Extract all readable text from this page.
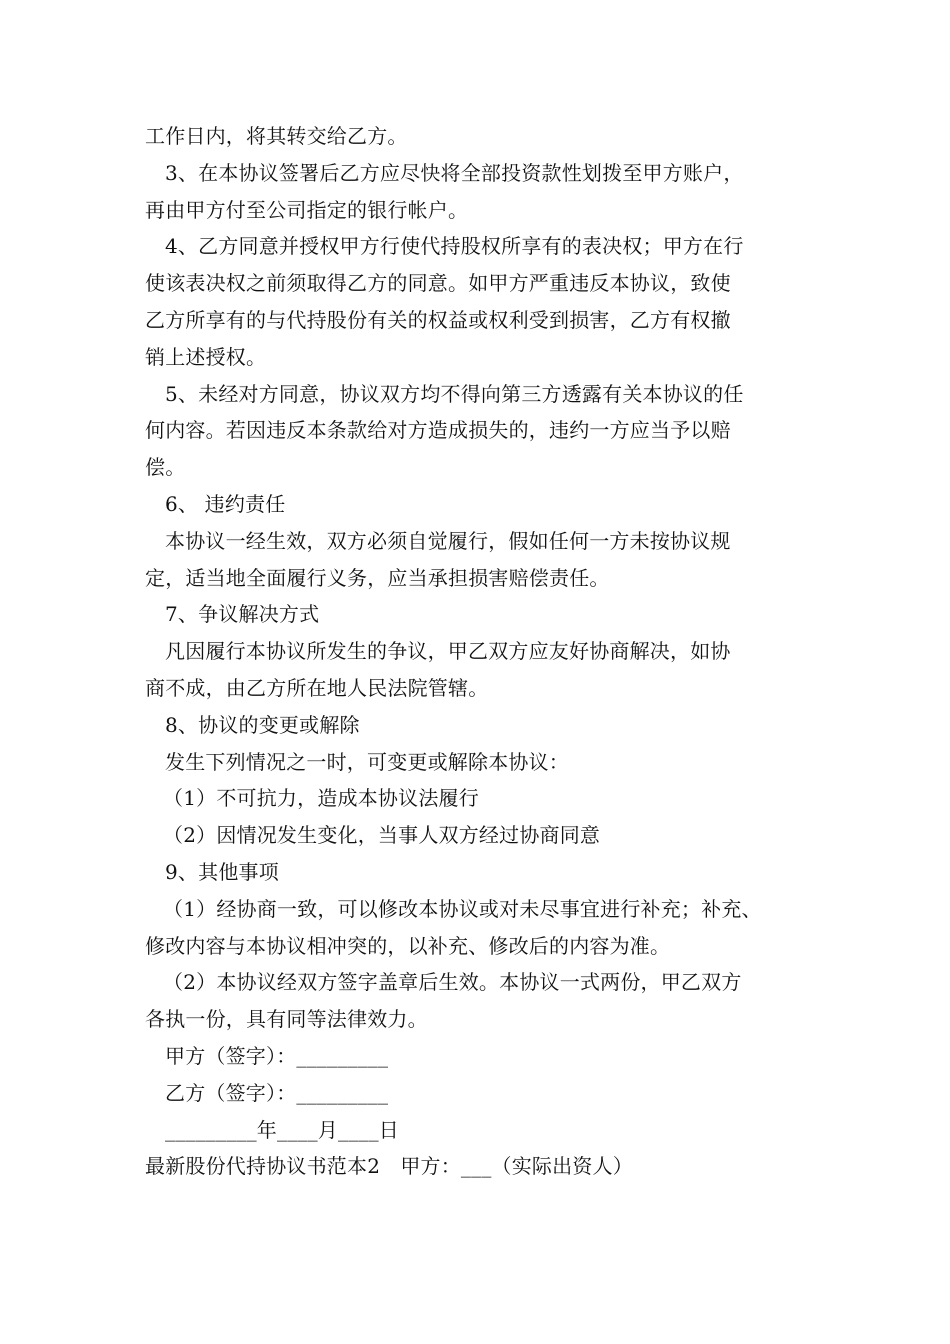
工作日内，将其转交给乙方。
3、在本协议签署后乙方应尽快将全部投资款性划拨至甲方账户，
再由甲方付至公司指定的银行帐户。
4、乙方同意并授权甲方行使代持股权所享有的表决权；甲方在行
使该表决权之前须取得乙方的同意。如甲方严重违反本协议，致使
乙方所享有的与代持股份有关的权益或权利受到损害，乙方有权撤
销上述授权。
5、未经对方同意，协议双方均不得向第三方透露有关本协议的任
何内容。若因违反本条款给对方造成损失的，违约一方应当予以赔
偿。
6、 违约责任
本协议一经生效，双方必须自觉履行，假如任何一方未按协议规
定，适当地全面履行义务，应当承担损害赔偿责任。
7、争议解决方式
凡因履行本协议所发生的争议，甲乙双方应友好协商解决，如协
商不成，由乙方所在地人民法院管辖。
8、协议的变更或解除
发生下列情况之一时，可变更或解除本协议：
（1）不可抗力，造成本协议法履行
（2）因情况发生变化，当事人双方经过协商同意
9、其他事项
（1）经协商一致，可以修改本协议或对未尽事宜进行补充；补充、
修改内容与本协议相冲突的，以补充、修改后的内容为准。
（2）本协议经双方签字盖章后生效。本协议一式两份，甲乙双方
各执一份，具有同等法律效力。
甲方（签字）：_________
乙方（签字）：_________
_________年____月____日
最新股份代持协议书范本2　甲方：___（实际出资人）
